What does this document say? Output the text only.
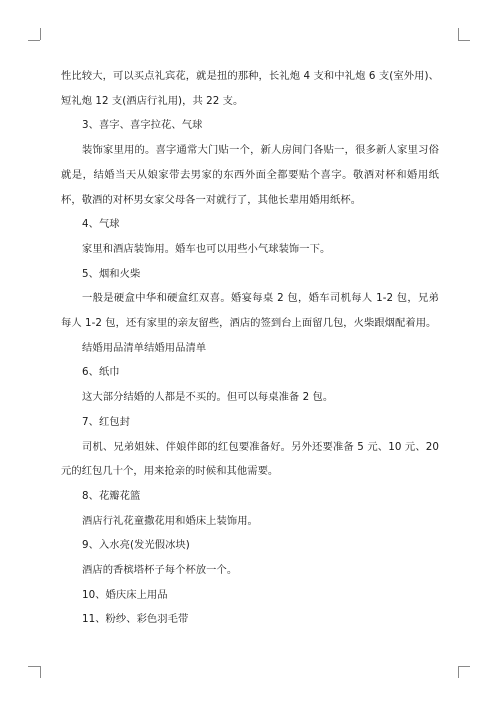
性比较大，可以买点礼宾花，就是扭的那种，长礼炮 4 支和中礼炮 6 支(室外用)、短礼炮 12 支(酒店行礼用)，共 22 支。

3、喜字、喜字拉花、气球

装饰家里用的。喜字通常大门贴一个，新人房间门各贴一，很多新人家里习俗就是，结婚当天从娘家带去男家的东西外面全都要贴个喜字。敬酒对杯和婚用纸杯，敬酒的对杯男女家父母各一对就行了，其他长辈用婚用纸杯。

4、气球

家里和酒店装饰用。婚车也可以用些小气球装饰一下。

5、烟和火柴

一般是硬盒中华和硬盒红双喜。婚宴每桌 2 包，婚车司机每人 1-2 包，兄弟每人 1-2 包，还有家里的亲友留些，酒店的签到台上面留几包，火柴跟烟配着用。

结婚用品清单结婚用品清单

6、纸巾

这大部分结婚的人都是不买的。但可以每桌准备 2 包。

7、红包封

司机、兄弟姐妹、伴娘伴郎的红包要准备好。另外还要准备 5 元、10 元、20 元的红包几十个，用来抢亲的时候和其他需要。

8、花瓣花篮

酒店行礼花童撒花用和婚床上装饰用。

9、入水亮(发光假冰块)

酒店的香槟塔杯子每个杯放一个。

10、婚庆床上用品

11、粉纱、彩色羽毛带
